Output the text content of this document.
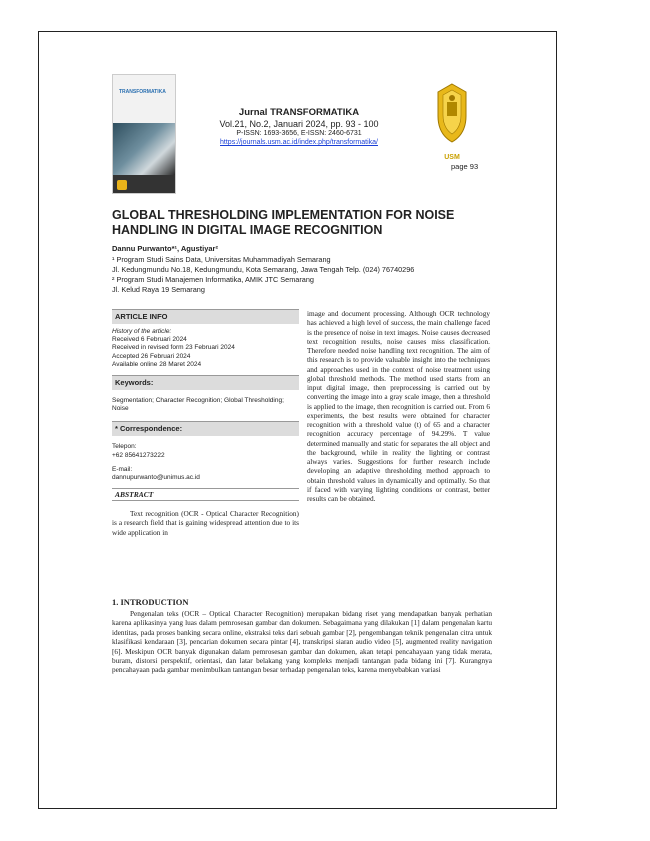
TRANSFORMATIKA
Jurnal TRANSFORMATIKA
Vol.21, No.2, Januari 2024, pp. 93 - 100
P-ISSN: 1693-3656, E-ISSN: 2460-6731
https://journals.usm.ac.id/index.php/transformatika/
USM
page 93
GLOBAL THRESHOLDING IMPLEMENTATION FOR NOISE HANDLING IN DIGITAL IMAGE RECOGNITION
Dannu Purwanto*¹, Agustiyar²
¹ Program Studi Sains Data, Universitas Muhammadiyah Semarang
Jl. Kedungmundu No.18, Kedungmundu, Kota Semarang, Jawa Tengah Telp. (024) 76740296
² Program Studi Manajemen Informatika, AMIK JTC Semarang
Jl. Kelud Raya 19 Semarang
ARTICLE INFO
History of the article:
Received 6 Februari 2024
Received in revised form 23 Februari 2024
Accepted 26 Februari 2024
Available online 28 Maret 2024
Keywords:
Segmentation; Character Recognition; Global Thresholding; Noise
* Correspondence:
Telepon:
+62 85641273222
E-mail:
dannupurwanto@unimus.ac.id
ABSTRACT
Text recognition (OCR - Optical Character Recognition) is a research field that is gaining widespread attention due to its wide application in
image and document processing. Although OCR technology has achieved a high level of success, the main challenge faced is the presence of noise in text images. Noise causes decreased text recognition results, noise causes miss classification. Therefore needed noise handling text recognition. The aim of this research is to provide valuable insight into the techniques and approaches used in the context of noise treatment using global threshold methods. The method used starts from an input digital image, then preprocessing is carried out by converting the image into a gray scale image, then a threshold is applied to the image, then recognition is carried out. From 6 experiments, the best results were obtained for character recognition with a threshold value (t) of 65 and a character recognition accuracy percentage of 94.29%. T value determined manually and static for separates the all object and the background, while in reality the lighting or contrast always varies. Suggestions for further research include developing an adaptive thresholding method approach to obtain threshold values in dynamically and optimally. So that if faced with varying lighting conditions or contrast, better results can be obtained.
1. INTRODUCTION
Pengenalan teks (OCR – Optical Character Recognition) merupakan bidang riset yang mendapatkan banyak perhatian karena aplikasinya yang luas dalam pemrosesan gambar dan dokumen. Sebagaimana yang dilakukan [1] dalam pengenalan kartu identitas, pada proses banking secara online, ekstraksi teks dari sebuah gambar [2], pengembangan teknik pengenalan citra untuk klasifikasi kendaraan [3], pencarian dokumen secara pintar [4], transkripsi siaran audio video [5], augmented reality navigation [6]. Meskipun OCR banyak digunakan dalam pemrosesan gambar dan dokumen, akan tetapi pencahayaan yang tidak merata, buram, distorsi perspektif, orientasi, dan latar belakang yang kompleks menjadi tantangan pada bidang ini [7]. Kurangnya pencahayaan pada gambar menimbulkan tantangan besar terhadap pengenalan teks, karena menyebabkan variasi
